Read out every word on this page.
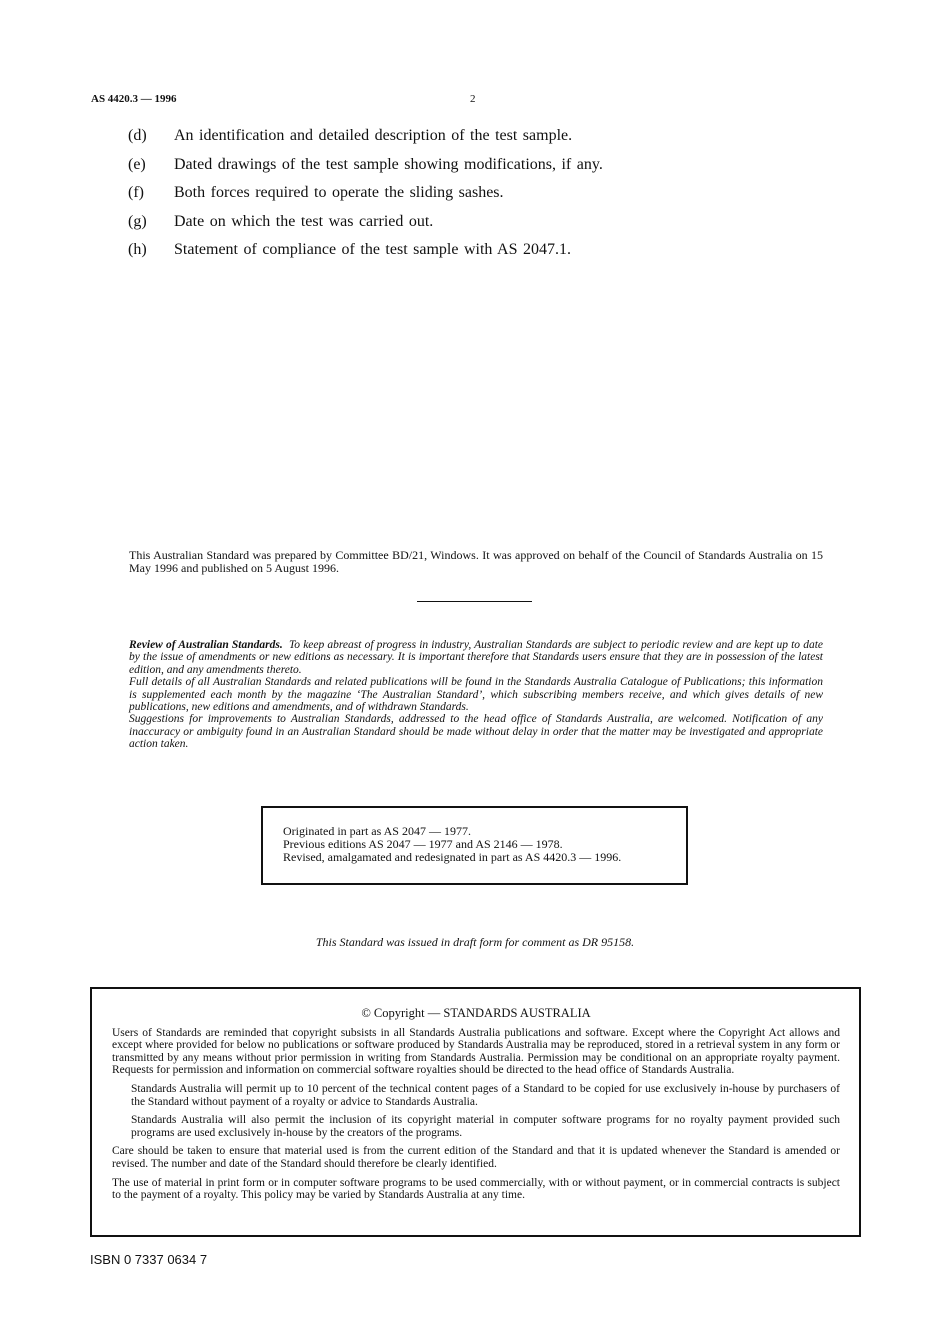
AS 4420.3 — 1996	2
(d) An identification and detailed description of the test sample.
(e) Dated drawings of the test sample showing modifications, if any.
(f) Both forces required to operate the sliding sashes.
(g) Date on which the test was carried out.
(h) Statement of compliance of the test sample with AS 2047.1.
This Australian Standard was prepared by Committee BD/21, Windows. It was approved on behalf of the Council of Standards Australia on 15 May 1996 and published on 5 August 1996.

Review of Australian Standards. To keep abreast of progress in industry, Australian Standards are subject to periodic review and are kept up to date by the issue of amendments or new editions as necessary. It is important therefore that Standards users ensure that they are in possession of the latest edition, and any amendments thereto.

Full details of all Australian Standards and related publications will be found in the Standards Australia Catalogue of Publications; this information is supplemented each month by the magazine ‘The Australian Standard’, which subscribing members receive, and which gives details of new publications, new editions and amendments, and of withdrawn Standards.

Suggestions for improvements to Australian Standards, addressed to the head office of Standards Australia, are welcomed. Notification of any inaccuracy or ambiguity found in an Australian Standard should be made without delay in order that the matter may be investigated and appropriate action taken.

Originated in part as AS 2047 — 1977.
Previous editions AS 2047 — 1977 and AS 2146 — 1978.
Revised, amalgamated and redesignated in part as AS 4420.3 — 1996.
This Standard was issued in draft form for comment as DR 95158.
© Copyright — STANDARDS AUSTRALIA

Users of Standards are reminded that copyright subsists in all Standards Australia publications and software. Except where the Copyright Act allows and except where provided for below no publications or software produced by Standards Australia may be reproduced, stored in a retrieval system in any form or transmitted by any means without prior permission in writing from Standards Australia. Permission may be conditional on an appropriate royalty payment. Requests for permission and information on commercial software royalties should be directed to the head office of Standards Australia.

Standards Australia will permit up to 10 percent of the technical content pages of a Standard to be copied for use exclusively in-house by purchasers of the Standard without payment of a royalty or advice to Standards Australia.

Standards Australia will also permit the inclusion of its copyright material in computer software programs for no royalty payment provided such programs are used exclusively in-house by the creators of the programs.

Care should be taken to ensure that material used is from the current edition of the Standard and that it is updated whenever the Standard is amended or revised. The number and date of the Standard should therefore be clearly identified.

The use of material in print form or in computer software programs to be used commercially, with or without payment, or in commercial contracts is subject to the payment of a royalty. This policy may be varied by Standards Australia at any time.

ISBN 0 7337 0634 7
